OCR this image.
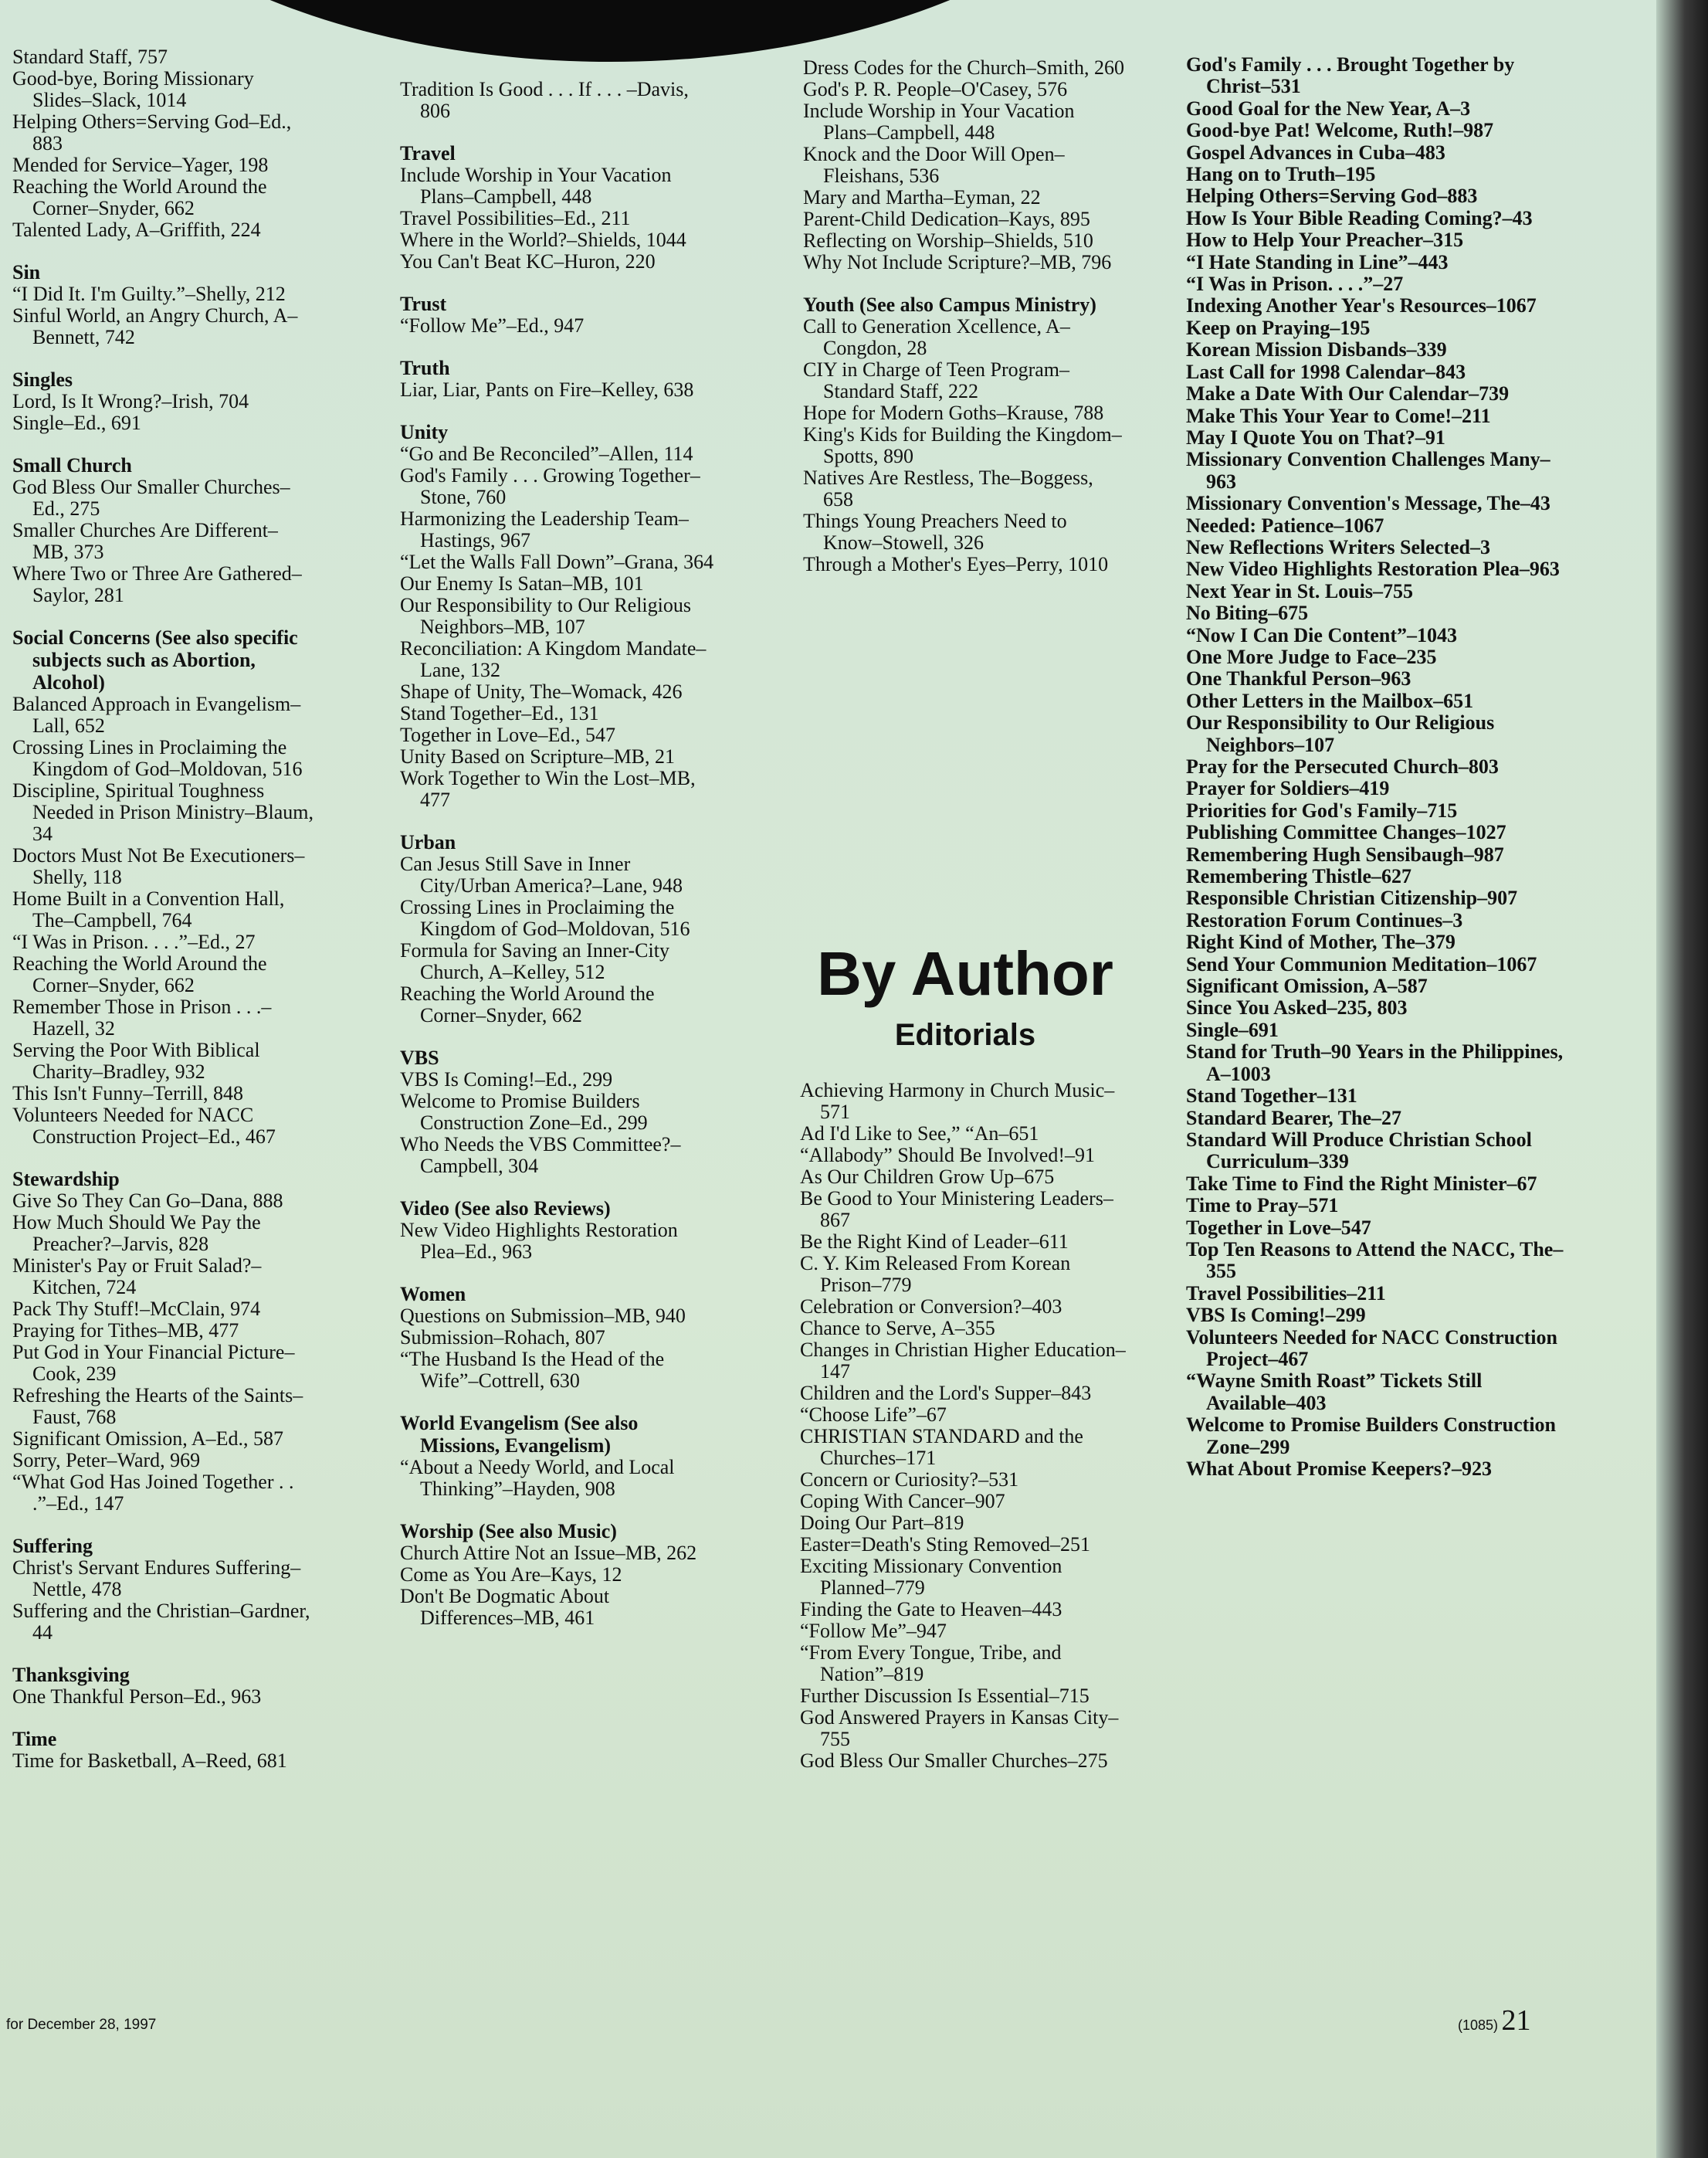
Standard Staff, 757
Good-bye, Boring Missionary Slides–Slack, 1014
Helping Others=Serving God–Ed., 883
Mended for Service–Yager, 198
Reaching the World Around the Corner–Snyder, 662
Talented Lady, A–Griffith, 224
Sin
“I Did It. I'm Guilty.”–Shelly, 212
Sinful World, an Angry Church, A–Bennett, 742
Singles
Lord, Is It Wrong?–Irish, 704
Single–Ed., 691
Small Church
God Bless Our Smaller Churches–Ed., 275
Smaller Churches Are Different–MB, 373
Where Two or Three Are Gathered–Saylor, 281
Social Concerns (See also specific subjects such as Abortion, Alcohol)
Balanced Approach in Evangelism–Lall, 652
Crossing Lines in Proclaiming the Kingdom of God–Moldovan, 516
Discipline, Spiritual Toughness Needed in Prison Ministry–Blaum, 34
Doctors Must Not Be Executioners–Shelly, 118
Home Built in a Convention Hall, The–Campbell, 764
“I Was in Prison. . . .”–Ed., 27
Reaching the World Around the Corner–Snyder, 662
Remember Those in Prison . . .–Hazell, 32
Serving the Poor With Biblical Charity–Bradley, 932
This Isn't Funny–Terrill, 848
Volunteers Needed for NACC Construction Project–Ed., 467
Stewardship
Give So They Can Go–Dana, 888
How Much Should We Pay the Preacher?–Jarvis, 828
Minister's Pay or Fruit Salad?–Kitchen, 724
Pack Thy Stuff!–McClain, 974
Praying for Tithes–MB, 477
Put God in Your Financial Picture–Cook, 239
Refreshing the Hearts of the Saints–Faust, 768
Significant Omission, A–Ed., 587
Sorry, Peter–Ward, 969
“What God Has Joined Together . . .”–Ed., 147
Suffering
Christ's Servant Endures Suffering–Nettle, 478
Suffering and the Christian–Gardner, 44
Thanksgiving
One Thankful Person–Ed., 963
Time
Time for Basketball, A–Reed, 681
Tradition Is Good . . . If . . . –Davis, 806
Travel
Include Worship in Your Vacation Plans–Campbell, 448
Travel Possibilities–Ed., 211
Where in the World?–Shields, 1044
You Can't Beat KC–Huron, 220
Trust
“Follow Me”–Ed., 947
Truth
Liar, Liar, Pants on Fire–Kelley, 638
Unity
“Go and Be Reconciled”–Allen, 114
God's Family . . . Growing Together–Stone, 760
Harmonizing the Leadership Team–Hastings, 967
“Let the Walls Fall Down”–Grana, 364
Our Enemy Is Satan–MB, 101
Our Responsibility to Our Religious Neighbors–MB, 107
Reconciliation: A Kingdom Mandate–Lane, 132
Shape of Unity, The–Womack, 426
Stand Together–Ed., 131
Together in Love–Ed., 547
Unity Based on Scripture–MB, 21
Work Together to Win the Lost–MB, 477
Urban
Can Jesus Still Save in Inner City/Urban America?–Lane, 948
Crossing Lines in Proclaiming the Kingdom of God–Moldovan, 516
Formula for Saving an Inner-City Church, A–Kelley, 512
Reaching the World Around the Corner–Snyder, 662
VBS
VBS Is Coming!–Ed., 299
Welcome to Promise Builders Construction Zone–Ed., 299
Who Needs the VBS Committee?–Campbell, 304
Video (See also Reviews)
New Video Highlights Restoration Plea–Ed., 963
Women
Questions on Submission–MB, 940
Submission–Rohach, 807
“The Husband Is the Head of the Wife”–Cottrell, 630
World Evangelism (See also Missions, Evangelism)
“About a Needy World, and Local Thinking”–Hayden, 908
Worship (See also Music)
Church Attire Not an Issue–MB, 262
Come as You Are–Kays, 12
Don't Be Dogmatic About Differences–MB, 461
Dress Codes for the Church–Smith, 260
God's P. R. People–O'Casey, 576
Include Worship in Your Vacation Plans–Campbell, 448
Knock and the Door Will Open–Fleishans, 536
Mary and Martha–Eyman, 22
Parent-Child Dedication–Kays, 895
Reflecting on Worship–Shields, 510
Why Not Include Scripture?–MB, 796
Youth (See also Campus Ministry)
Call to Generation Xcellence, A–Congdon, 28
CIY in Charge of Teen Program–Standard Staff, 222
Hope for Modern Goths–Krause, 788
King's Kids for Building the Kingdom–Spotts, 890
Natives Are Restless, The–Boggess, 658
Things Young Preachers Need to Know–Stowell, 326
Through a Mother's Eyes–Perry, 1010
By Author
Editorials
Achieving Harmony in Church Music–571
Ad I'd Like to See,” “An–651
“Allabody” Should Be Involved!–91
As Our Children Grow Up–675
Be Good to Your Ministering Leaders–867
Be the Right Kind of Leader–611
C. Y. Kim Released From Korean Prison–779
Celebration or Conversion?–403
Chance to Serve, A–355
Changes in Christian Higher Education–147
Children and the Lord's Supper–843
“Choose Life”–67
CHRISTIAN STANDARD and the Churches–171
Concern or Curiosity?–531
Coping With Cancer–907
Doing Our Part–819
Easter=Death's Sting Removed–251
Exciting Missionary Convention Planned–779
Finding the Gate to Heaven–443
“Follow Me”–947
“From Every Tongue, Tribe, and Nation”–819
Further Discussion Is Essential–715
God Answered Prayers in Kansas City–755
God Bless Our Smaller Churches–275
God's Family . . . Brought Together by Christ–531
Good Goal for the New Year, A–3
Good-bye Pat! Welcome, Ruth!–987
Gospel Advances in Cuba–483
Hang on to Truth–195
Helping Others=Serving God–883
How Is Your Bible Reading Coming?–43
How to Help Your Preacher–315
“I Hate Standing in Line”–443
“I Was in Prison. . . .”–27
Indexing Another Year's Resources–1067
Keep on Praying–195
Korean Mission Disbands–339
Last Call for 1998 Calendar–843
Make a Date With Our Calendar–739
Make This Your Year to Come!–211
May I Quote You on That?–91
Missionary Convention Challenges Many–963
Missionary Convention's Message, The–43
Needed: Patience–1067
New Reflections Writers Selected–3
New Video Highlights Restoration Plea–963
Next Year in St. Louis–755
No Biting–675
“Now I Can Die Content”–1043
One More Judge to Face–235
One Thankful Person–963
Other Letters in the Mailbox–651
Our Responsibility to Our Religious Neighbors–107
Pray for the Persecuted Church–803
Prayer for Soldiers–419
Priorities for God's Family–715
Publishing Committee Changes–1027
Remembering Hugh Sensibaugh–987
Remembering Thistle–627
Responsible Christian Citizenship–907
Restoration Forum Continues–3
Right Kind of Mother, The–379
Send Your Communion Meditation–1067
Significant Omission, A–587
Since You Asked–235, 803
Single–691
Stand for Truth–90 Years in the Philippines, A–1003
Stand Together–131
Standard Bearer, The–27
Standard Will Produce Christian School Curriculum–339
Take Time to Find the Right Minister–67
Time to Pray–571
Together in Love–547
Top Ten Reasons to Attend the NACC, The–355
Travel Possibilities–211
VBS Is Coming!–299
Volunteers Needed for NACC Construction Project–467
“Wayne Smith Roast” Tickets Still Available–403
Welcome to Promise Builders Construction Zone–299
What About Promise Keepers?–923
for December 28, 1997	(1085) 21
